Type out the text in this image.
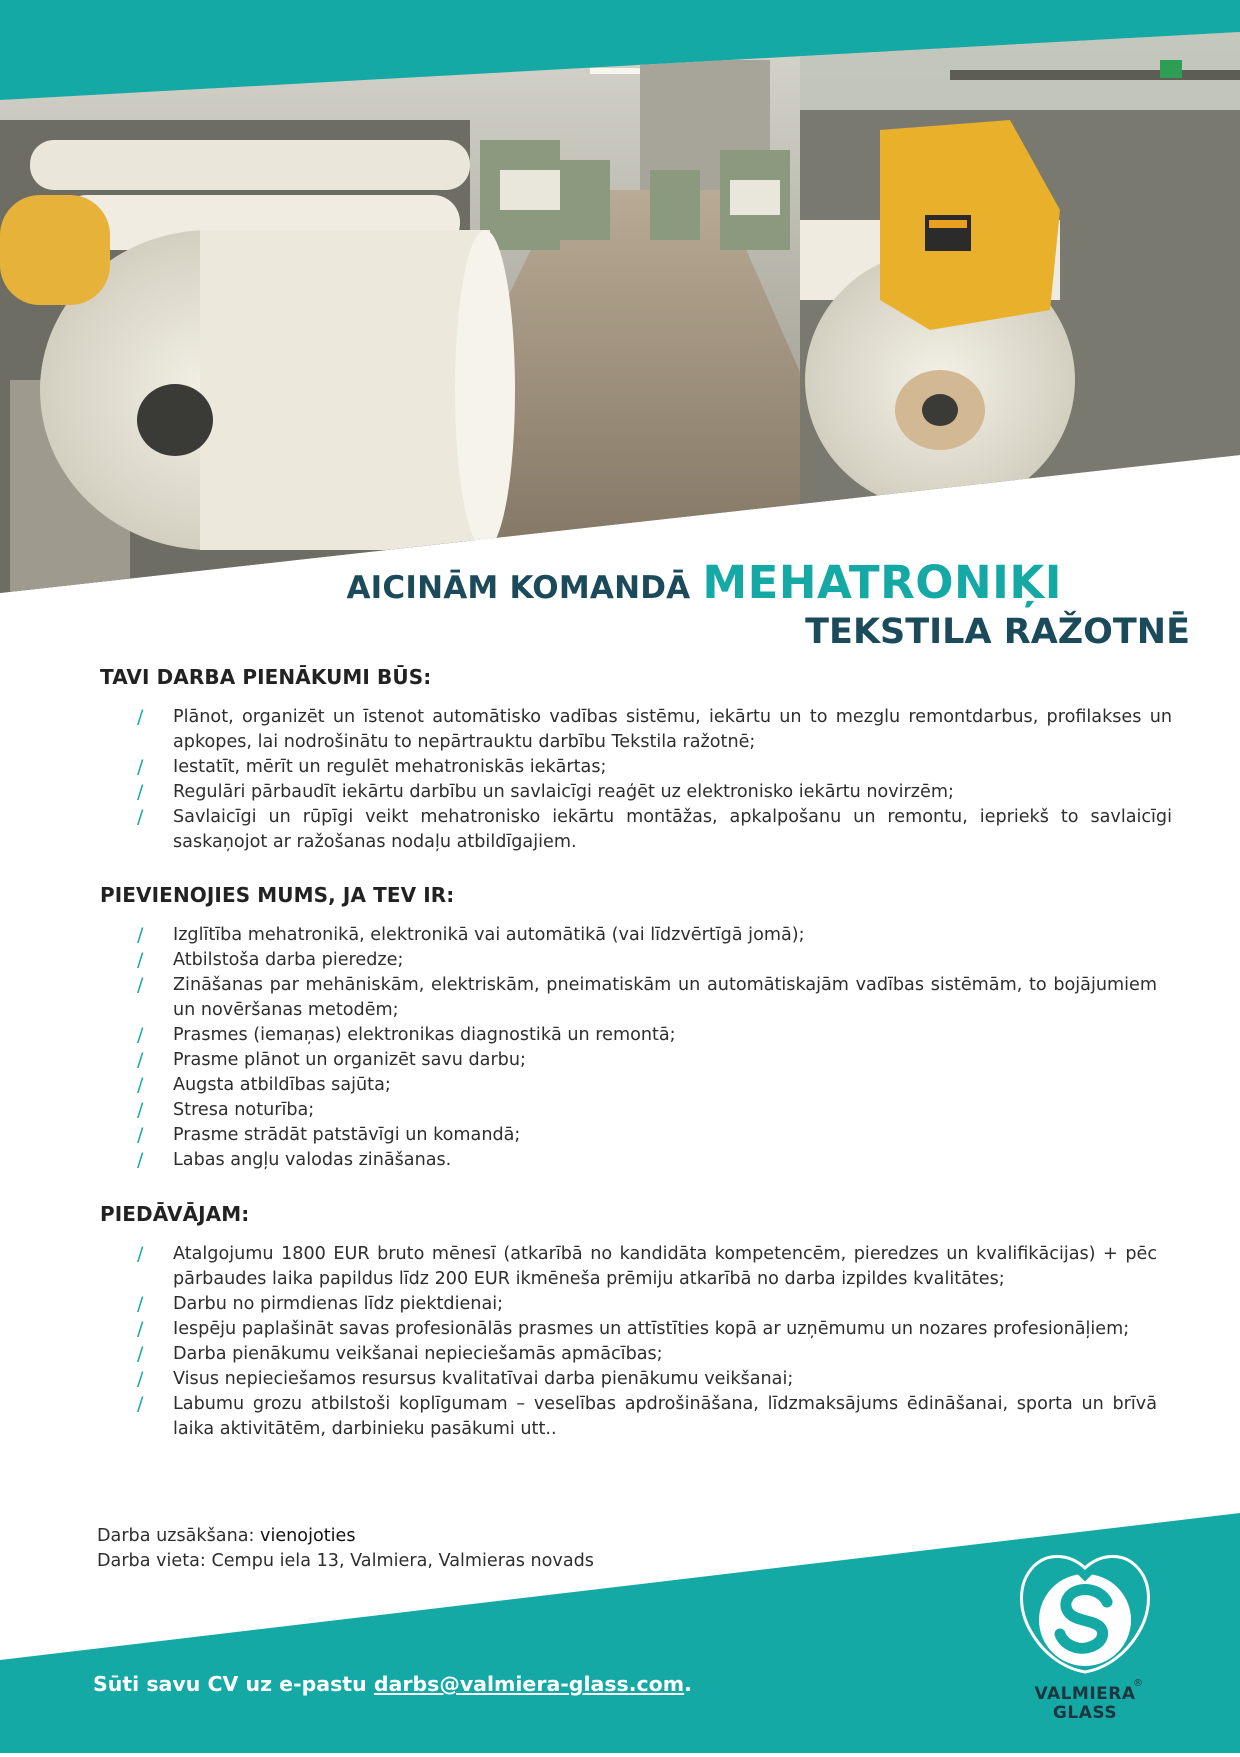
AICINĀM KOMANDĀ MEHATRONIĶI
TEKSTILA RAŽOTNĒ
TAVI DARBA PIENĀKUMI BŪS:
/ Plānot, organizēt un īstenot automātisko vadības sistēmu, iekārtu un to mezglu remontdarbus, profilakses un apkopes, lai nodrošinātu to nepārtrauktu darbību Tekstila ražotnē;
/ Iestatīt, mērīt un regulēt mehatroniskās iekārtas;
/ Regulāri pārbaudīt iekārtu darbību un savlaicīgi reaģēt uz elektronisko iekārtu novirzēm;
/ Savlaicīgi un rūpīgi veikt mehatronisko iekārtu montāžas, apkalpošanu un remontu, iepriekš to savlaicīgi saskaņojot ar ražošanas nodaļu atbildīgajiem.
PIEVIENOJIES MUMS, JA TEV IR:
/ Izglītība mehatronikā, elektronikā vai automātikā (vai līdzvērtīgā jomā);
/ Atbilstoša darba pieredze;
/ Zināšanas par mehāniskām, elektriskām, pneimatiskām un automātiskajām vadības sistēmām, to bojājumiem un novēršanas metodēm;
/ Prasmes (iemaņas) elektronikas diagnostikā un remontā;
/ Prasme plānot un organizēt savu darbu;
/ Augsta atbildības sajūta;
/ Stresa noturība;
/ Prasme strādāt patstāvīgi un komandā;
/ Labas angļu valodas zināšanas.
PIEDĀVĀJAM:
/ Atalgojumu 1800 EUR bruto mēnesī (atkarībā no kandidāta kompetencēm, pieredzes un kvalifikācijas) + pēc pārbaudes laika papildus līdz 200 EUR ikmēneša prēmiju atkarībā no darba izpildes kvalitātes;
/ Darbu no pirmdienas līdz piektdienai;
/ Iespēju paplašināt savas profesionālās prasmes un attīstīties kopā ar uzņēmumu un nozares profesionāļiem;
/ Darba pienākumu veikšanai nepieciešamās apmācības;
/ Visus nepieciešamos resursus kvalitatīvai darba pienākumu veikšanai;
/ Labumu grozu atbilstoši koplīgumam – veselības apdrošināšana, līdzmaksājums ēdināšanai, sporta un brīvā laika aktivitātēm, darbinieku pasākumi utt..
Darba uzsākšana: vienojoties
Darba vieta: Cempu iela 13, Valmiera, Valmieras novads
Sūti savu CV uz e-pastu darbs@valmiera-glass.com.	VALMIERA
GLASS
®
